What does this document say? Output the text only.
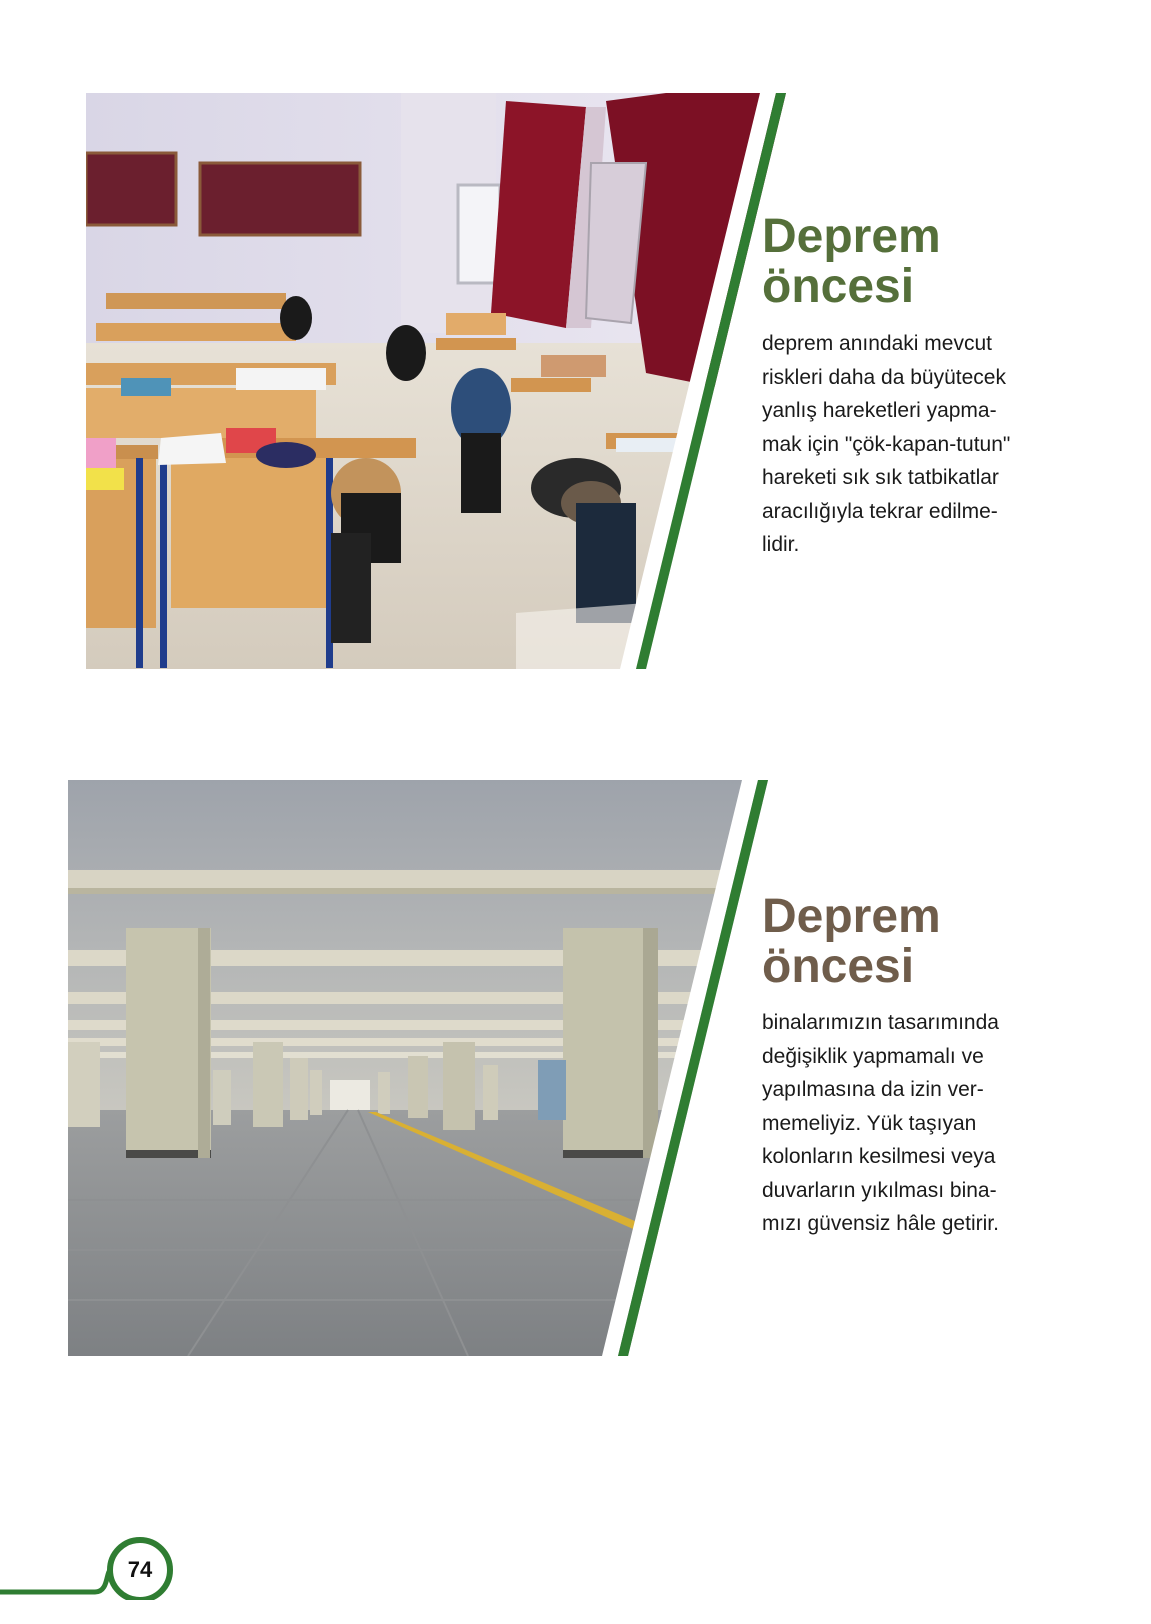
Deprem
öncesi

deprem anındaki mevcut
riskleri daha da büyütecek
yanlış hareketleri yapma-
mak için "çök-kapan-tutun"
hareketi sık sık tatbikatlar
aracılığıyla tekrar edilme-
lidir.

Deprem
öncesi

binalarımızın tasarımında
değişiklik yapmamalı ve
yapılmasına da izin ver-
memeliyiz. Yük taşıyan
kolonların kesilmesi veya
duvarların yıkılması bina-
mızı güvensiz hâle getirir.

74
